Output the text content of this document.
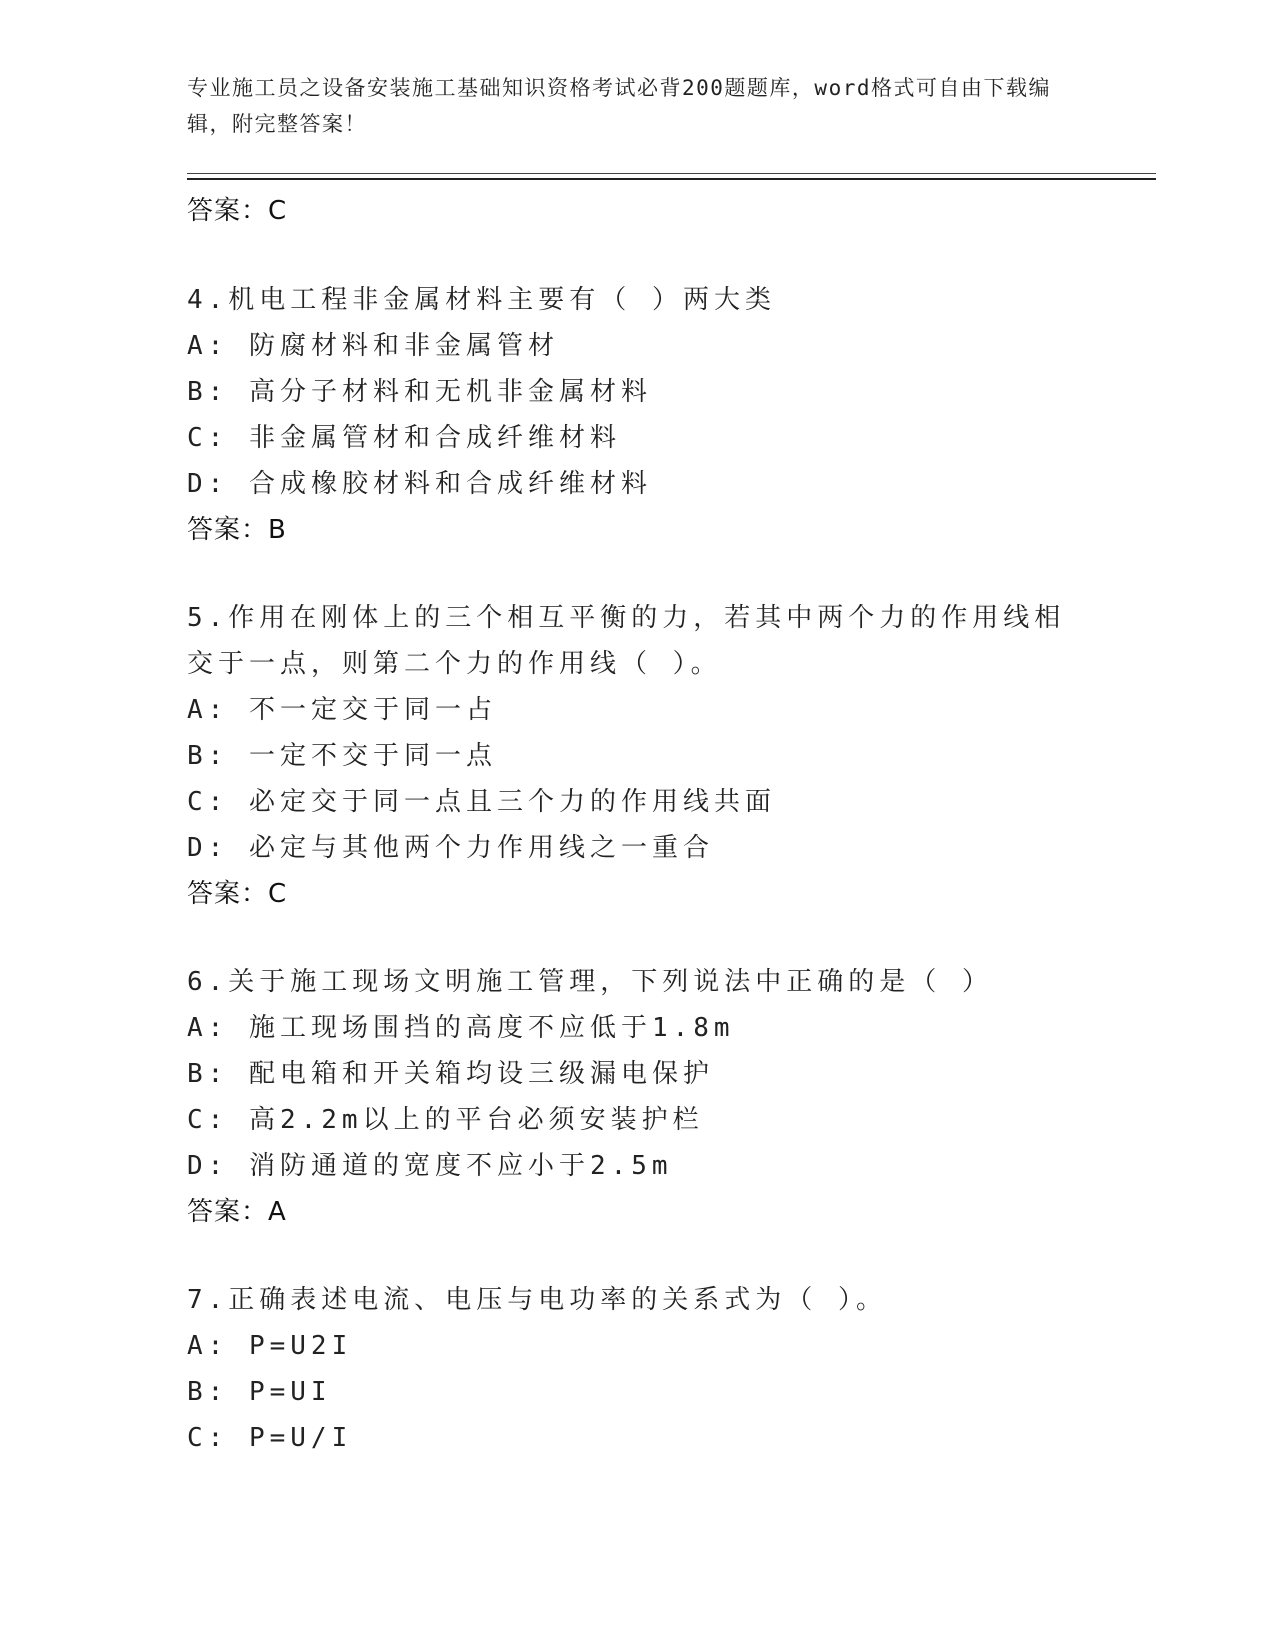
专业施工员之设备安装施工基础知识资格考试必背200题题库，word格式可自由下载编辑，附完整答案！
答案：C

4.机电工程非金属材料主要有（ ）两大类

A: 防腐材料和非金属管材

B: 高分子材料和无机非金属材料

C: 非金属管材和合成纤维材料

D: 合成橡胶材料和合成纤维材料

答案：B

5.作用在刚体上的三个相互平衡的力，若其中两个力的作用线相交于一点，则第二个力的作用线（ ）。

A: 不一定交于同一占

B: 一定不交于同一点

C: 必定交于同一点且三个力的作用线共面

D: 必定与其他两个力作用线之一重合

答案：C

6.关于施工现场文明施工管理，下列说法中正确的是（ ）

A: 施工现场围挡的高度不应低于1.8m

B: 配电箱和开关箱均设三级漏电保护

C: 高2.2m以上的平台必须安装护栏

D: 消防通道的宽度不应小于2.5m

答案：A

7.正确表述电流、电压与电功率的关系式为（ ）。

A: P=U2I

B: P=UI

C: P=U/I
